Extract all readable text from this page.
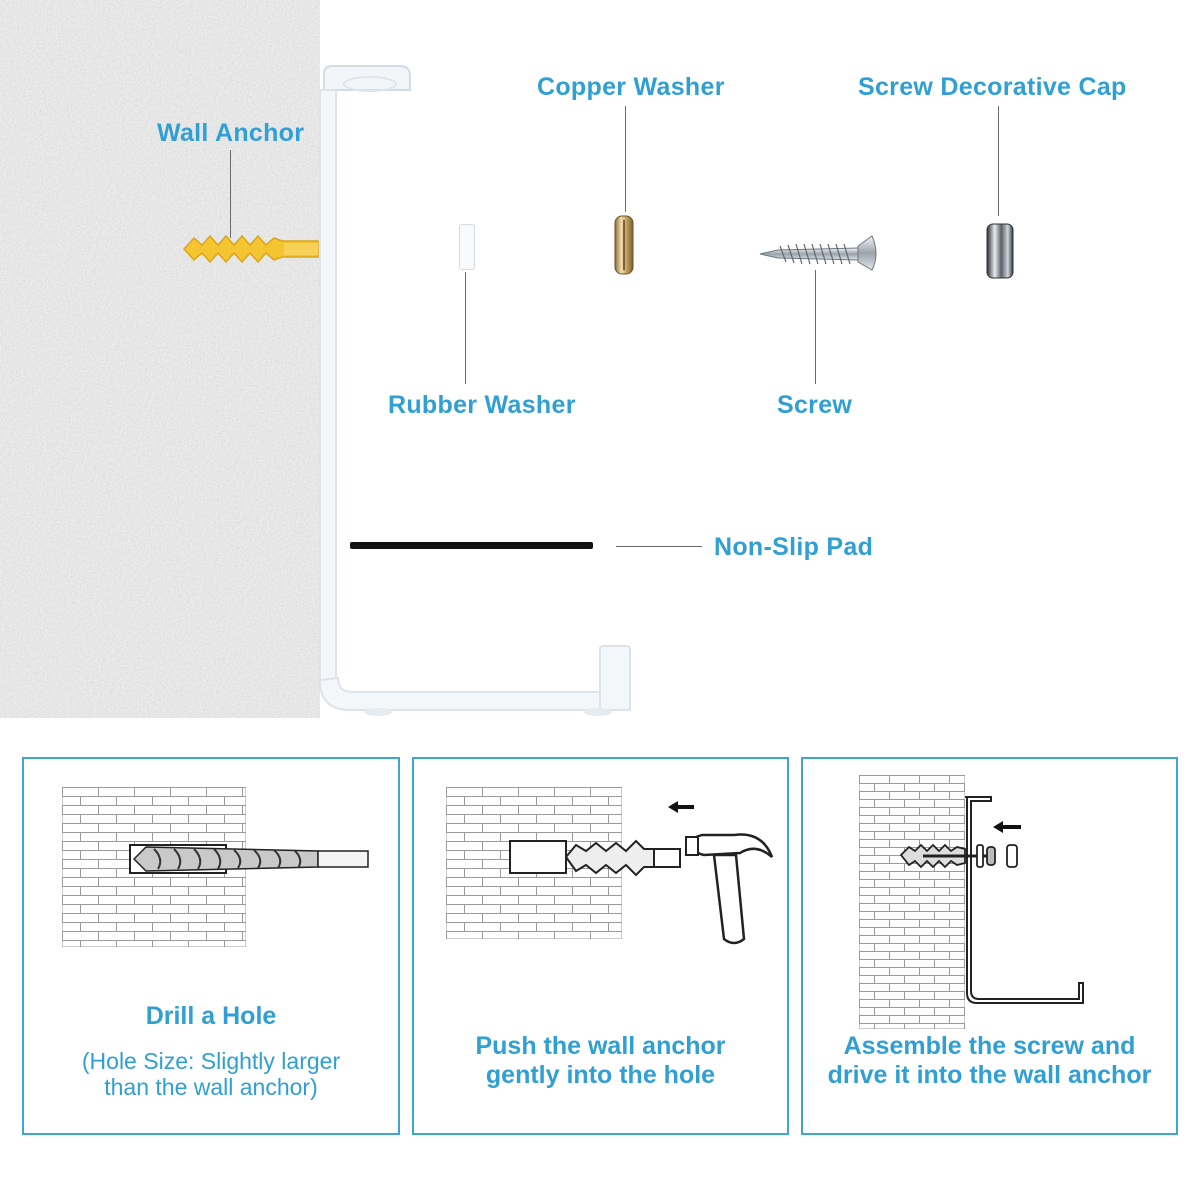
Wall Anchor
Rubber Washer
Copper Washer
Screw
Screw Decorative Cap
Non-Slip Pad
Drill a Hole
(Hole Size: Slightly larger
than the wall anchor)
Push the wall anchor
gently into the hole
Assemble the screw and
drive it into the wall anchor
